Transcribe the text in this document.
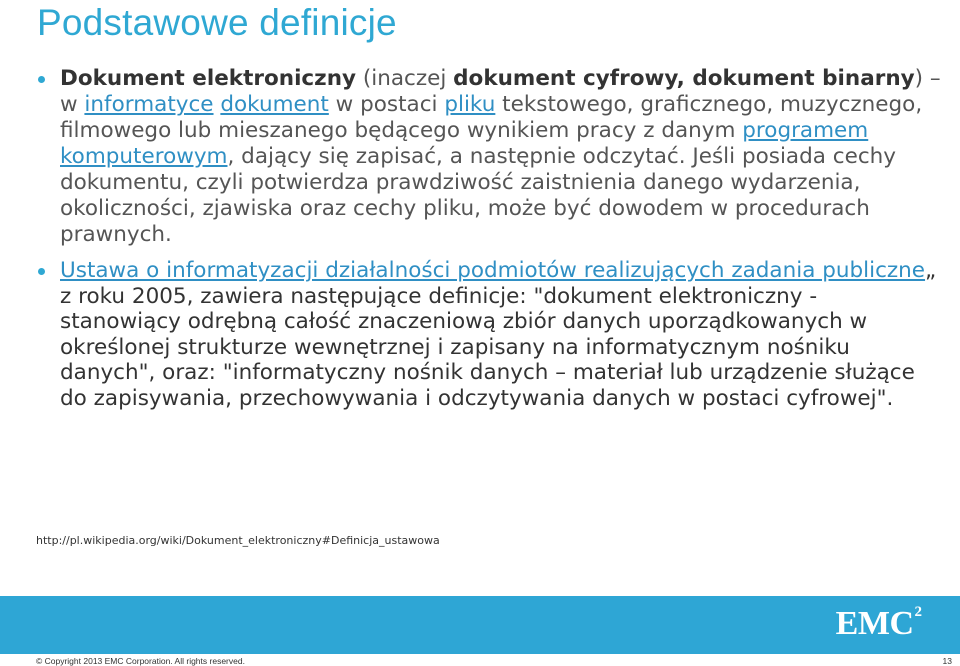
Podstawowe definicje
Dokument elektroniczny (inaczej dokument cyfrowy, dokument binarny) – w informatyce dokument w postaci pliku tekstowego, graficznego, muzycznego, filmowego lub mieszanego będącego wynikiem pracy z danym programem komputerowym, dający się zapisać, a następnie odczytać. Jeśli posiada cechy dokumentu, czyli potwierdza prawdziwość zaistnienia danego wydarzenia, okoliczności, zjawiska oraz cechy pliku, może być dowodem w procedurach prawnych.
Ustawa o informatyzacji działalności podmiotów realizujących zadania publiczne„ z roku 2005, zawiera następujące definicje: "dokument elektroniczny - stanowiący odrębną całość znaczeniową zbiór danych uporządkowanych w określonej strukturze wewnętrznej i zapisany na informatycznym nośniku danych", oraz: "informatyczny nośnik danych – materiał lub urządzenie służące do zapisywania, przechowywania i odczytywania danych w postaci cyfrowej".
http://pl.wikipedia.org/wiki/Dokument_elektroniczny#Definicja_ustawowa
EMC 2
© Copyright 2013 EMC Corporation. All rights reserved.	13
